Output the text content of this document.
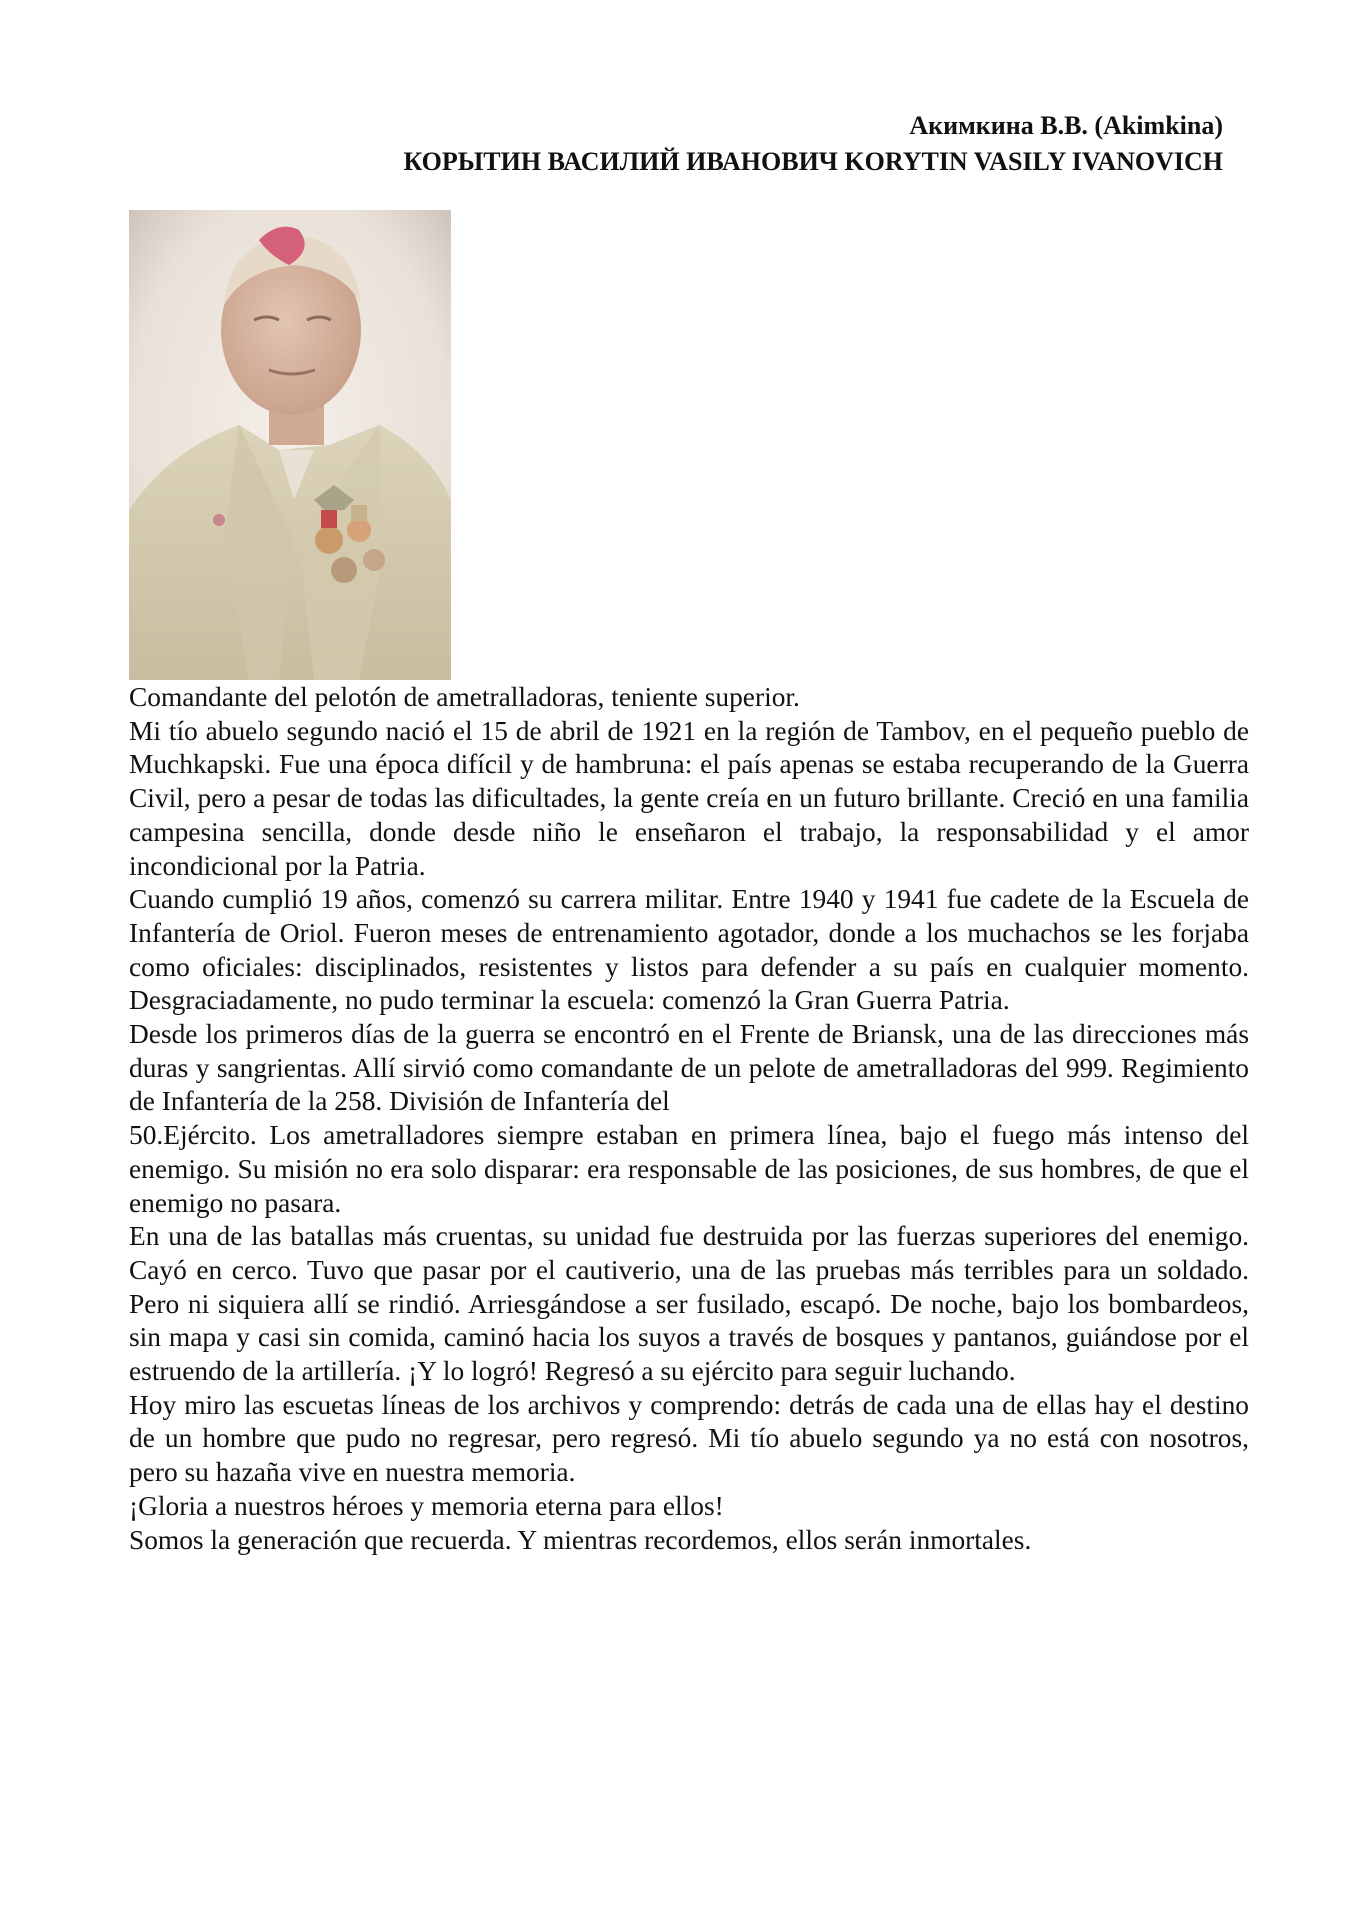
Акимкина В.В. (Akimkina)
КОРЫТИН ВАСИЛИЙ ИВАНОВИЧ KORYTIN VASILY IVANOVICH
Comandante del pelotón de ametralladoras, teniente superior.

Mi tío abuelo segundo nació el 15 de abril de 1921 en la región de Tambov, en el pequeño pueblo de Muchkapski. Fue una época difícil y de hambruna: el país apenas se estaba recuperando de la Guerra Civil, pero a pesar de todas las dificultades, la gente creía en un futuro brillante. Creció en una familia campesina sencilla, donde desde niño le enseñaron el trabajo, la responsabilidad y el amor incondicional por la Patria.

Cuando cumplió 19 años, comenzó su carrera militar. Entre 1940 y 1941 fue cadete de la Escuela de Infantería de Oriol. Fueron meses de entrenamiento agotador, donde a los muchachos se les forjaba como oficiales: disciplinados, resistentes y listos para defender a su país en cualquier momento. Desgraciadamente, no pudo terminar la escuela: comenzó la Gran Guerra Patria.

Desde los primeros días de la guerra se encontró en el Frente de Briansk, una de las direcciones más duras y sangrientas. Allí sirvió como comandante de un pelote de ametralladoras del 999. Regimiento de Infantería de la 258. División de Infantería del

50.Ejército. Los ametralladores siempre estaban en primera línea, bajo el fuego más intenso del enemigo. Su misión no era solo disparar: era responsable de las posiciones, de sus hombres, de que el enemigo no pasara.

En una de las batallas más cruentas, su unidad fue destruida por las fuerzas superiores del enemigo. Cayó en cerco. Tuvo que pasar por el cautiverio, una de las pruebas más terribles para un soldado. Pero ni siquiera allí se rindió. Arriesgándose a ser fusilado, escapó. De noche, bajo los bombardeos, sin mapa y casi sin comida, caminó hacia los suyos a través de bosques y pantanos, guiándose por el estruendo de la artillería. ¡Y lo logró! Regresó a su ejército para seguir luchando.

Hoy miro las escuetas líneas de los archivos y comprendo: detrás de cada una de ellas hay el destino de un hombre que pudo no regresar, pero regresó. Mi tío abuelo segundo ya no está con nosotros, pero su hazaña vive en nuestra memoria.

¡Gloria a nuestros héroes y memoria eterna para ellos!
Somos la generación que recuerda. Y mientras recordemos, ellos serán inmortales.
